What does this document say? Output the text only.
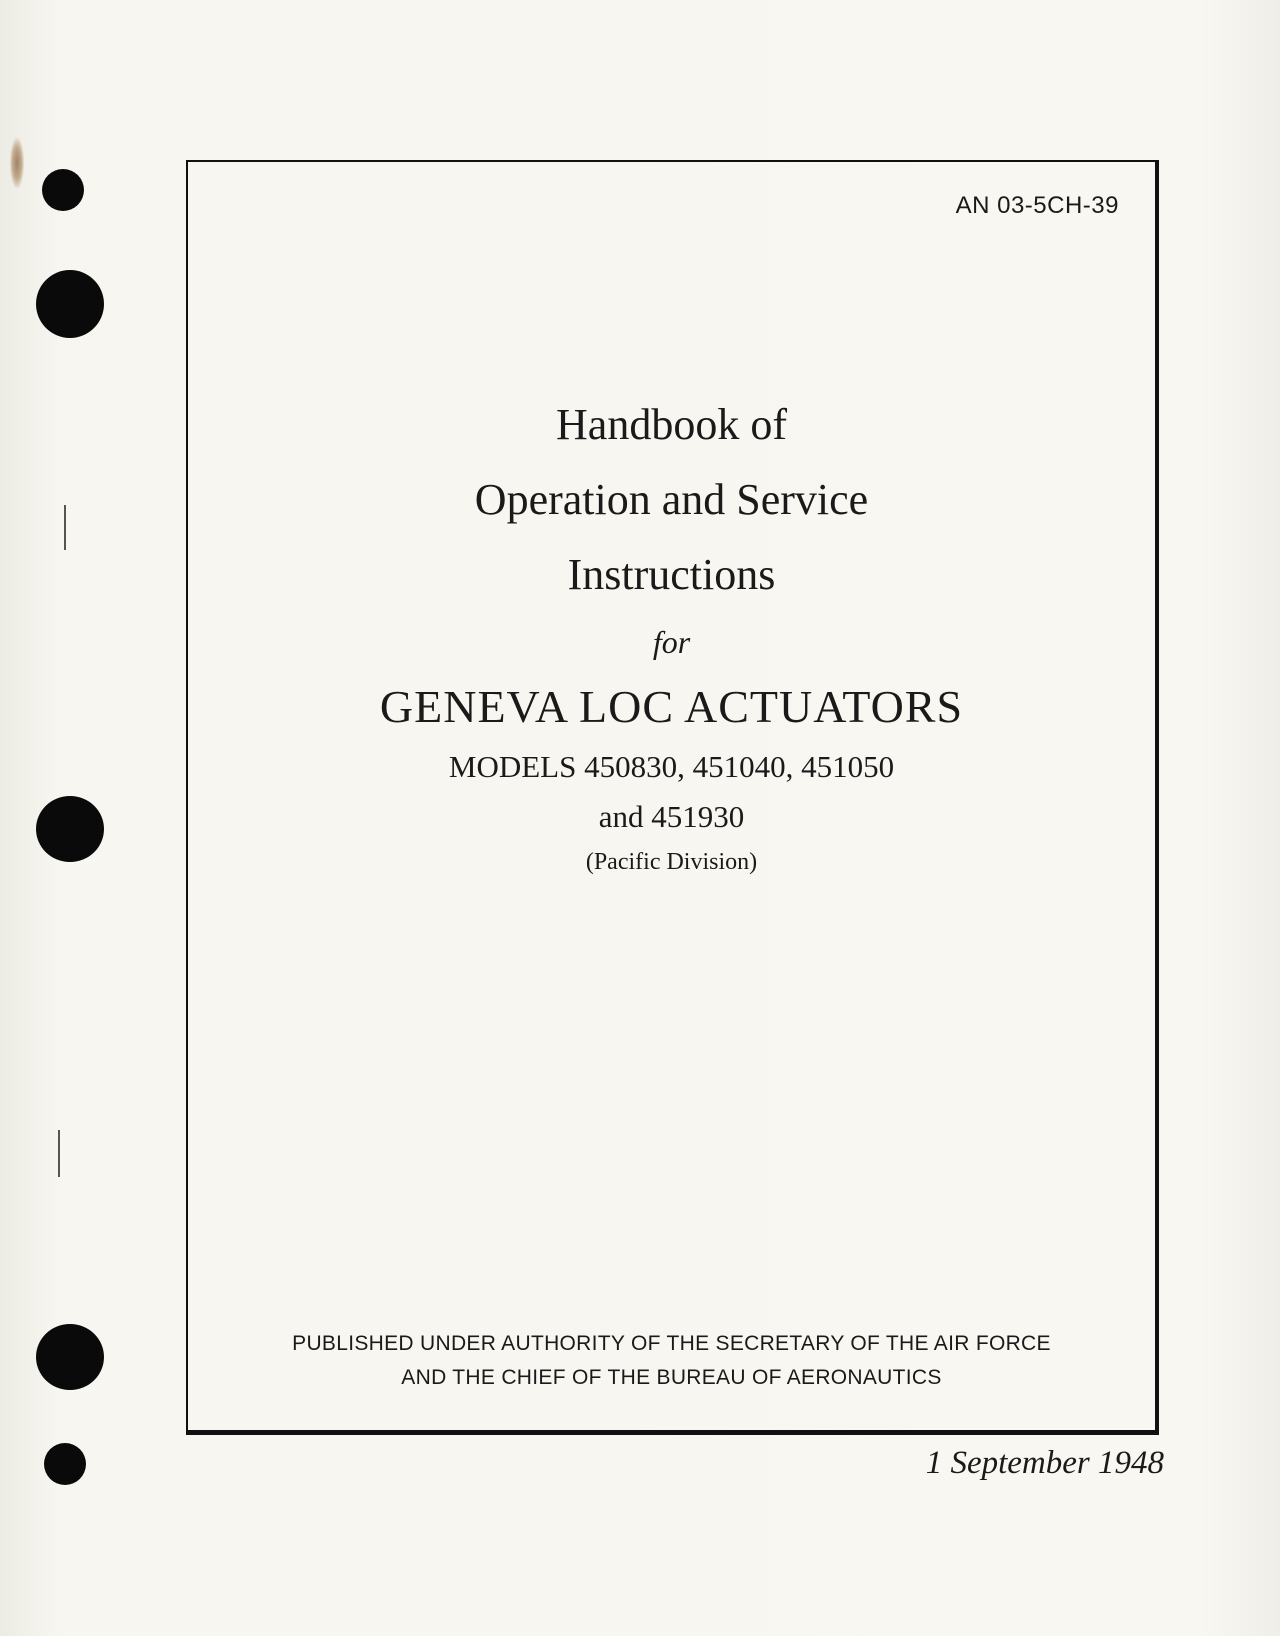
AN 03-5CH-39

Handbook of

Operation and Service

Instructions

for

GENEVA LOC ACTUATORS

MODELS 450830, 451040, 451050

and 451930

(Pacific Division)

PUBLISHED UNDER AUTHORITY OF THE SECRETARY OF THE AIR FORCE

AND THE CHIEF OF THE BUREAU OF AERONAUTICS

1 September 1948
